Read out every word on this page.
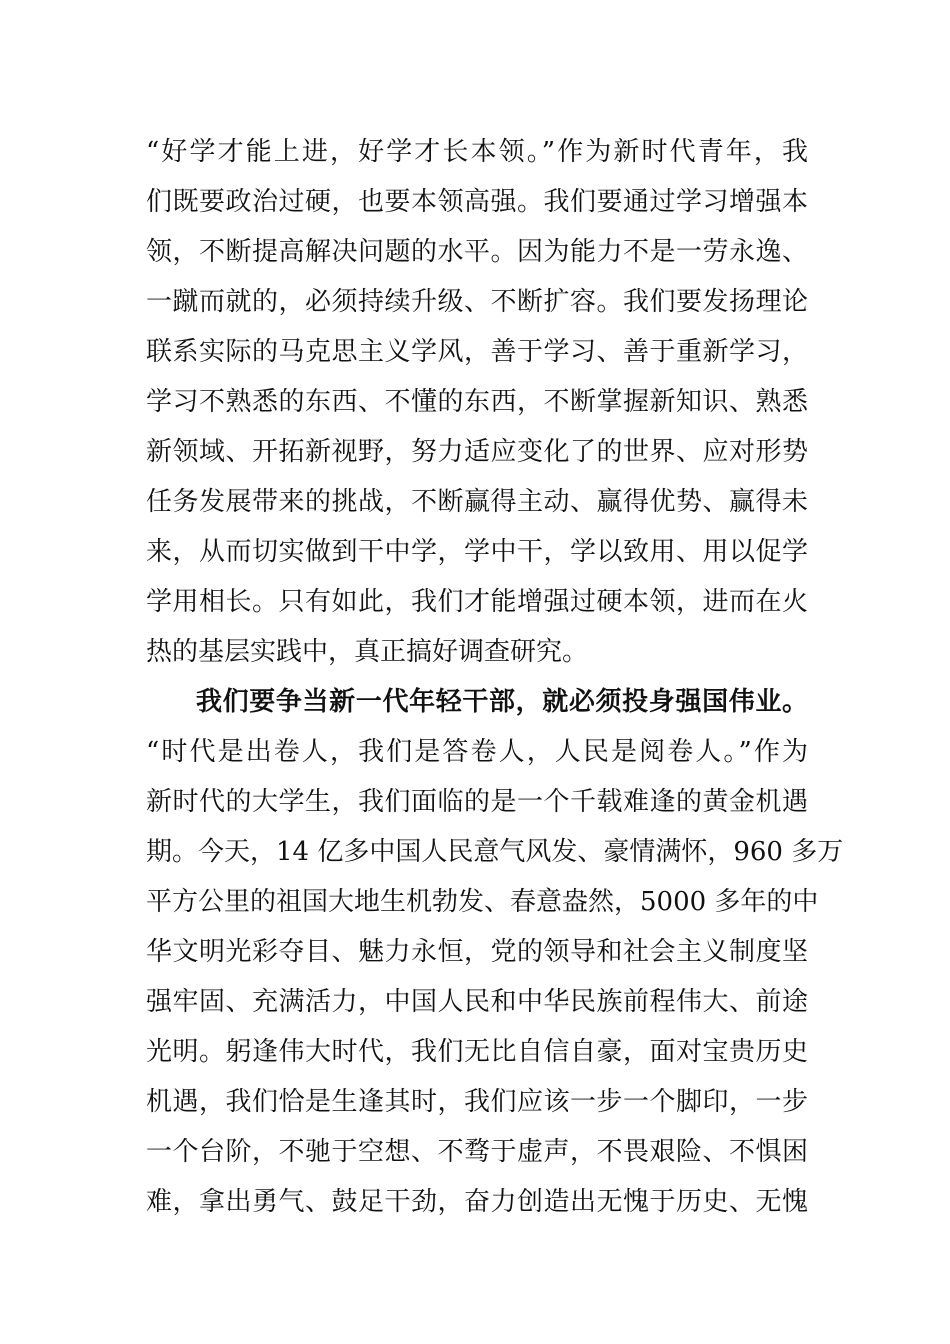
“好学才能上进，好学才长本领。”作为新时代青年，我
们既要政治过硬，也要本领高强。我们要通过学习增强本
领，不断提高解决问题的水平。因为能力不是一劳永逸、
一蹴而就的，必须持续升级、不断扩容。我们要发扬理论
联系实际的马克思主义学风，善于学习、善于重新学习，
学习不熟悉的东西、不懂的东西，不断掌握新知识、熟悉
新领域、开拓新视野，努力适应变化了的世界、应对形势
任务发展带来的挑战，不断赢得主动、赢得优势、赢得未
来，从而切实做到干中学，学中干，学以致用、用以促学
学用相长。只有如此，我们才能增强过硬本领，进而在火
热的基层实践中，真正搞好调查研究。
我们要争当新一代年轻干部，就必须投身强国伟业。
“时代是出卷人，我们是答卷人，人民是阅卷人。”作为
新时代的大学生，我们面临的是一个千载难逢的黄金机遇
期。今天，14 亿多中国人民意气风发、豪情满怀，960 多万
平方公里的祖国大地生机勃发、春意盎然，5000 多年的中
华文明光彩夺目、魅力永恒，党的领导和社会主义制度坚
强牢固、充满活力，中国人民和中华民族前程伟大、前途
光明。躬逢伟大时代，我们无比自信自豪，面对宝贵历史
机遇，我们恰是生逢其时，我们应该一步一个脚印，一步
一个台阶，不驰于空想、不骛于虚声，不畏艰险、不惧困
难，拿出勇气、鼓足干劲，奋力创造出无愧于历史、无愧
